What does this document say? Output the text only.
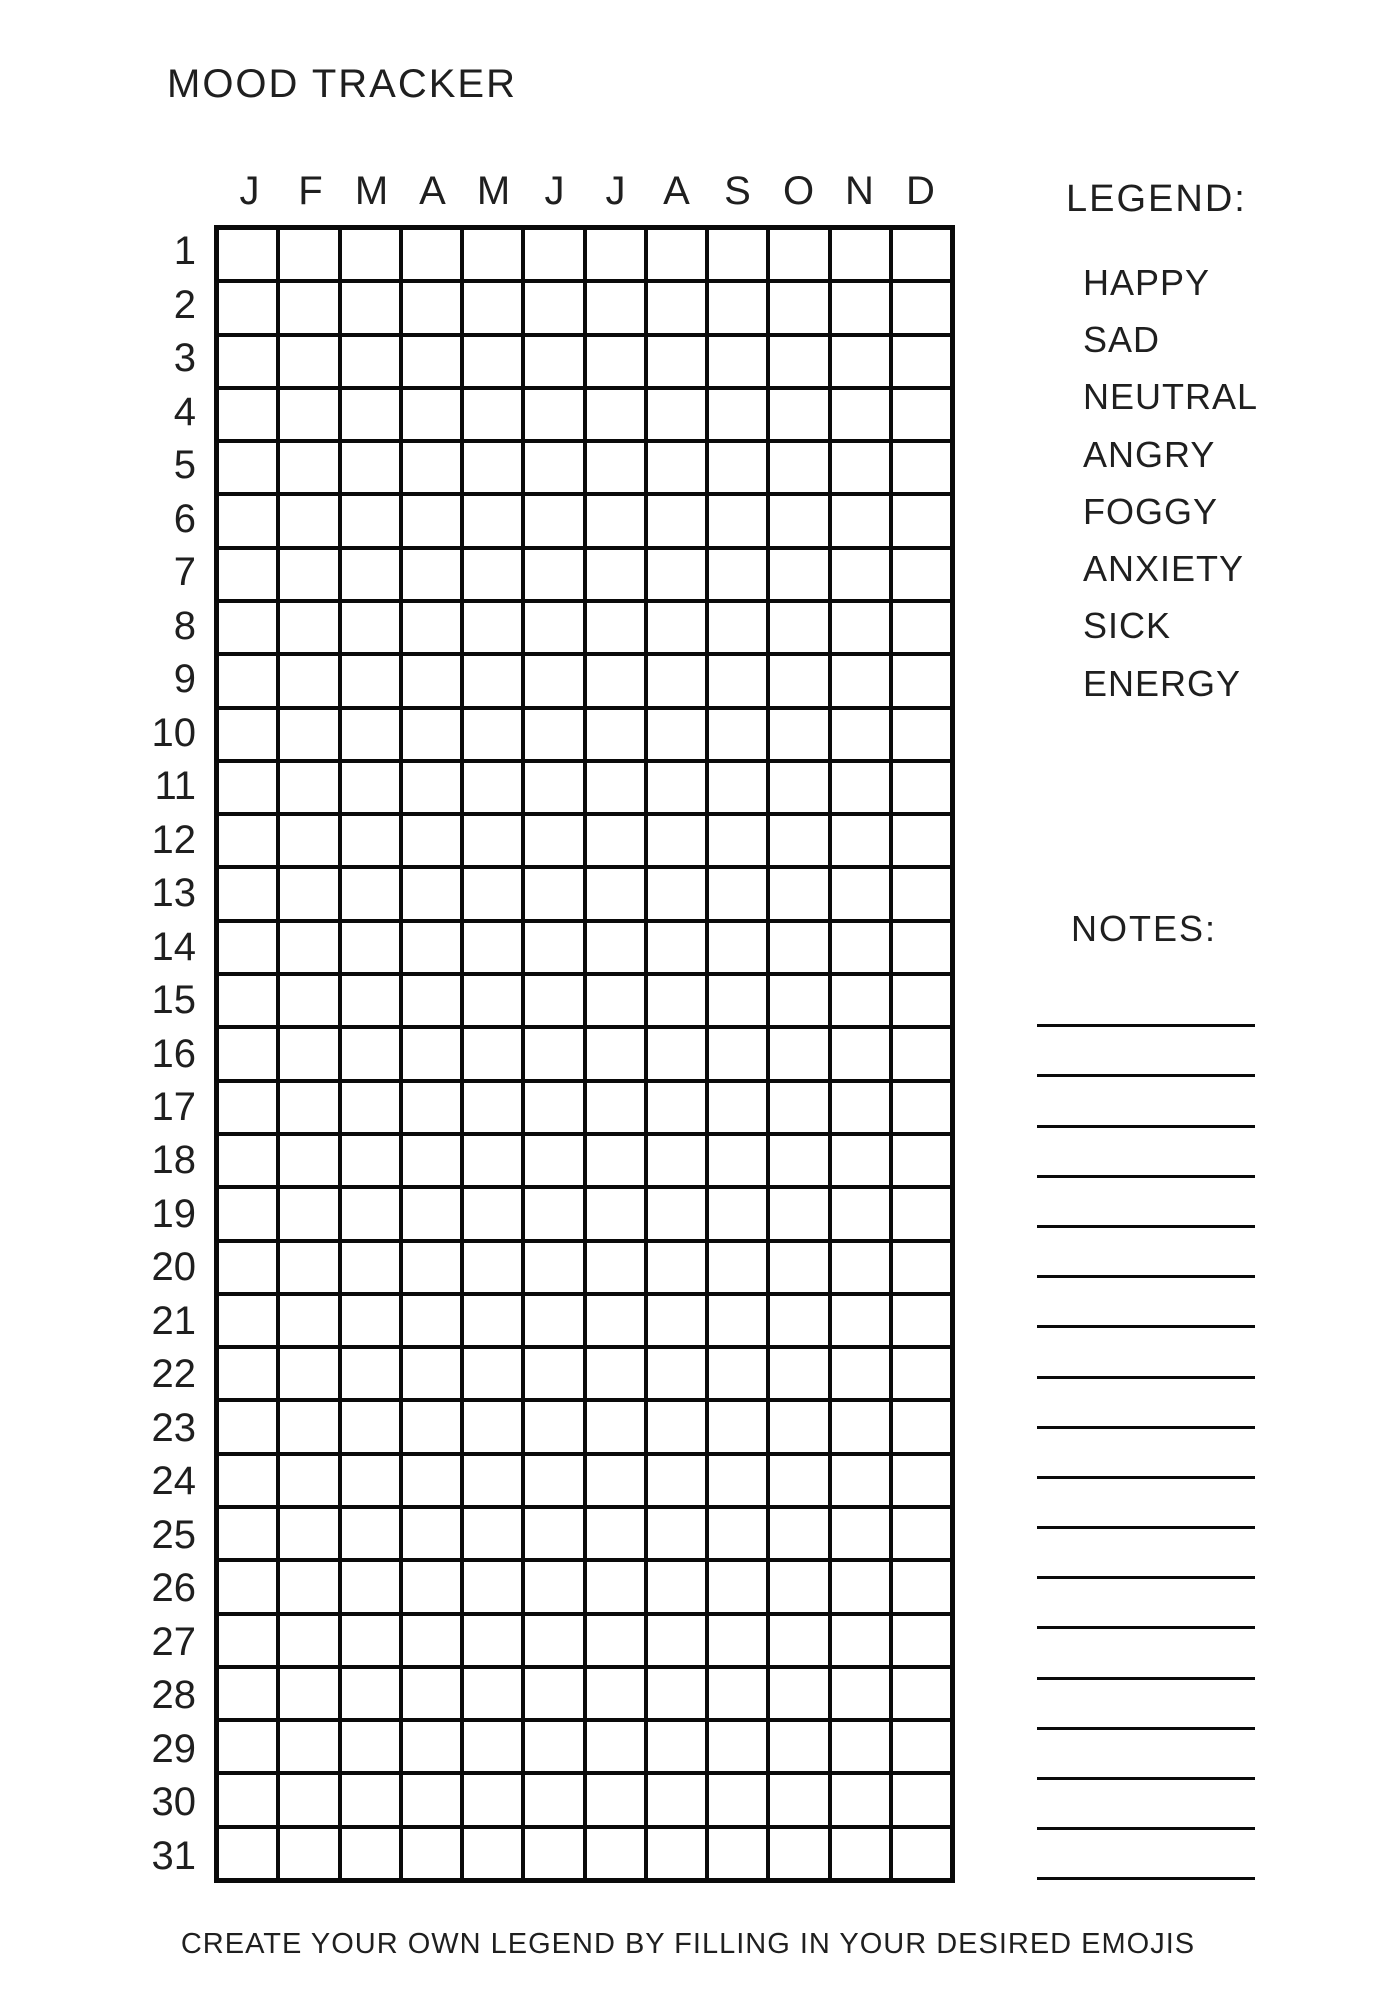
MOOD TRACKER
J F M A M J	J A S O N D
1
2
3
4
5
6
7
8
9
10
11
12
13
14
15
16
17
18
19
20
21
22
23
24
25
26
27
28
29
30
31
LEGEND:
HAPPY
SAD
NEUTRAL
ANGRY
FOGGY
ANXIETY
SICK
ENERGY
NOTES:
CREATE YOUR OWN LEGEND BY FILLING IN YOUR DESIRED EMOJIS
